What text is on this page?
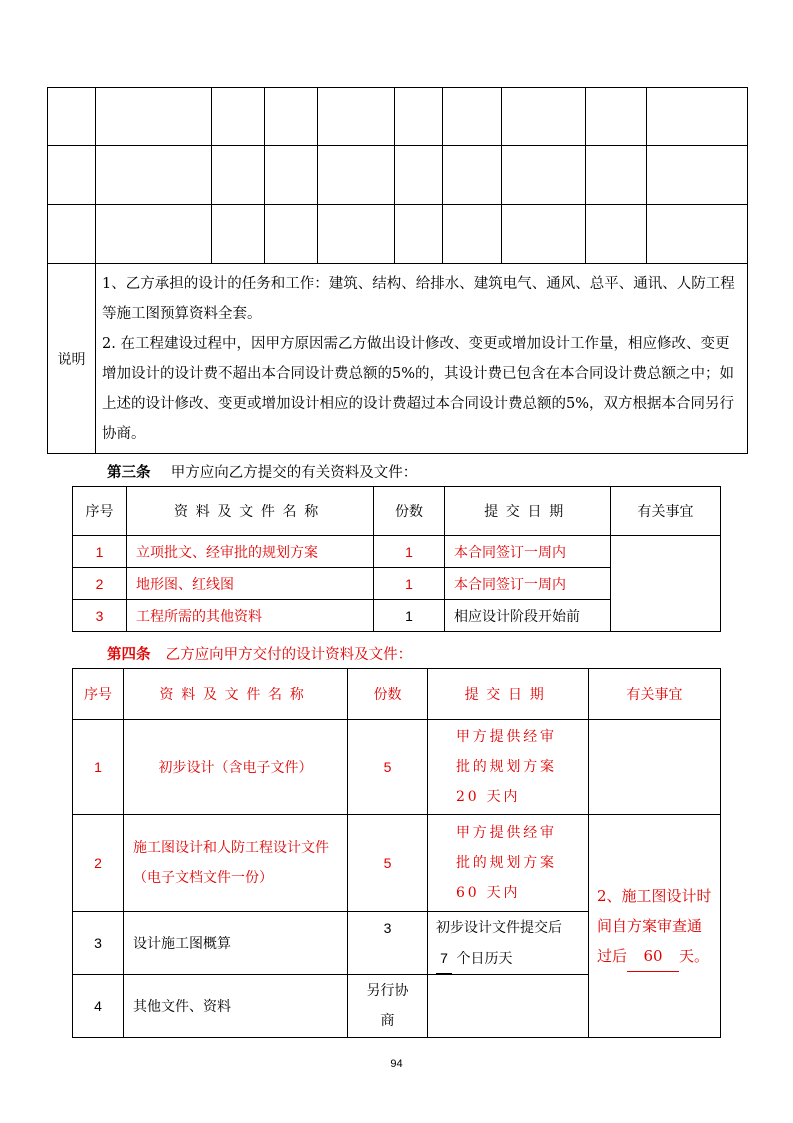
说明	1、乙方承担的设计的任务和工作：建筑、结构、给排水、建筑电气、通风、总平、通讯、人防工程等施工图预算资料全套。
2. 在工程建设过程中，因甲方原因需乙方做出设计修改、变更或增加设计工作量，相应修改、变更增加设计的设计费不超出本合同设计费总额的5%的，其设计费已包含在本合同设计费总额之中；如上述的设计修改、变更或增加设计相应的设计费超过本合同设计费总额的5%，双方根据本合同另行协商。								
第三条 甲方应向乙方提交的有关资料及文件：
序号	资料及文件名称	份数	提交日期	有关事宜
1	立项批文、经审批的规划方案	1	本合同签订一周内	
2	地形图、红线图	1	本合同签订一周内	
3	工程所需的其他资料	1	相应设计阶段开始前	
第四条 乙方应向甲方交付的设计资料及文件：
序号	资料及文件名称	份数	提交日期	有关事宜
1	初步设计（含电子文件）	5	甲方提供经审批的规划方案 20 天内	
2	施工图设计和人防工程设计文件（电子文档文件一份）	5	甲方提供经审批的规划方案 60 天内	2、施工图设计时间自方案审查通过后 60 天。
3	设计施工图概算	3	初步设计文件提交后
7 个日历天	

4	其他文件、资料	另行协商		
94
